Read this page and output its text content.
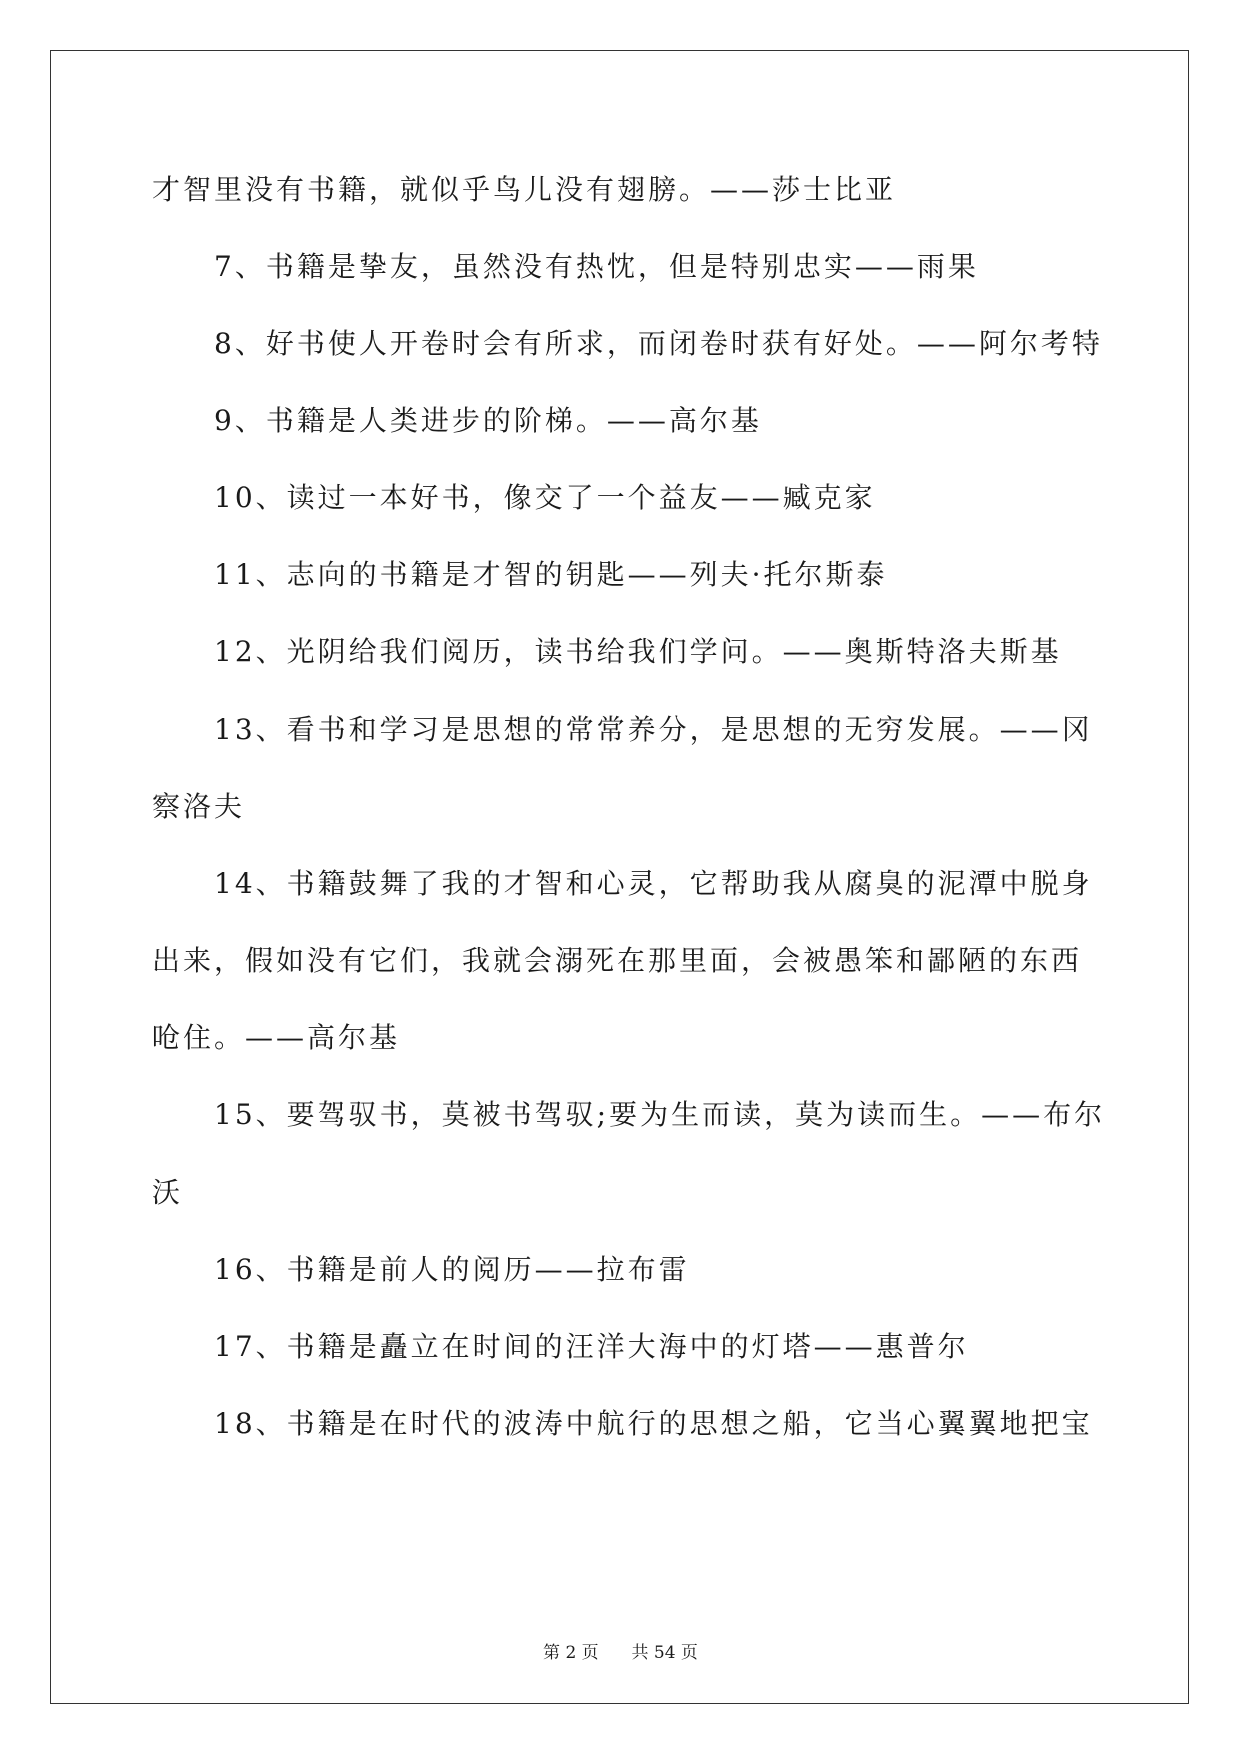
才智里没有书籍，就似乎鸟儿没有翅膀。——莎士比亚
7、书籍是挚友，虽然没有热忱，但是特别忠实——雨果
8、好书使人开卷时会有所求，而闭卷时获有好处。——阿尔考特
9、书籍是人类进步的阶梯。——高尔基
10、读过一本好书，像交了一个益友——臧克家
11、志向的书籍是才智的钥匙——列夫·托尔斯泰
12、光阴给我们阅历，读书给我们学问。——奥斯特洛夫斯基
13、看书和学习是思想的常常养分，是思想的无穷发展。——冈
察洛夫
14、书籍鼓舞了我的才智和心灵，它帮助我从腐臭的泥潭中脱身
出来，假如没有它们，我就会溺死在那里面，会被愚笨和鄙陋的东西
呛住。——高尔基
15、要驾驭书，莫被书驾驭;要为生而读，莫为读而生。——布尔
沃
16、书籍是前人的阅历——拉布雷
17、书籍是矗立在时间的汪洋大海中的灯塔——惠普尔
18、书籍是在时代的波涛中航行的思想之船，它当心翼翼地把宝
第 2 页 共 54 页
